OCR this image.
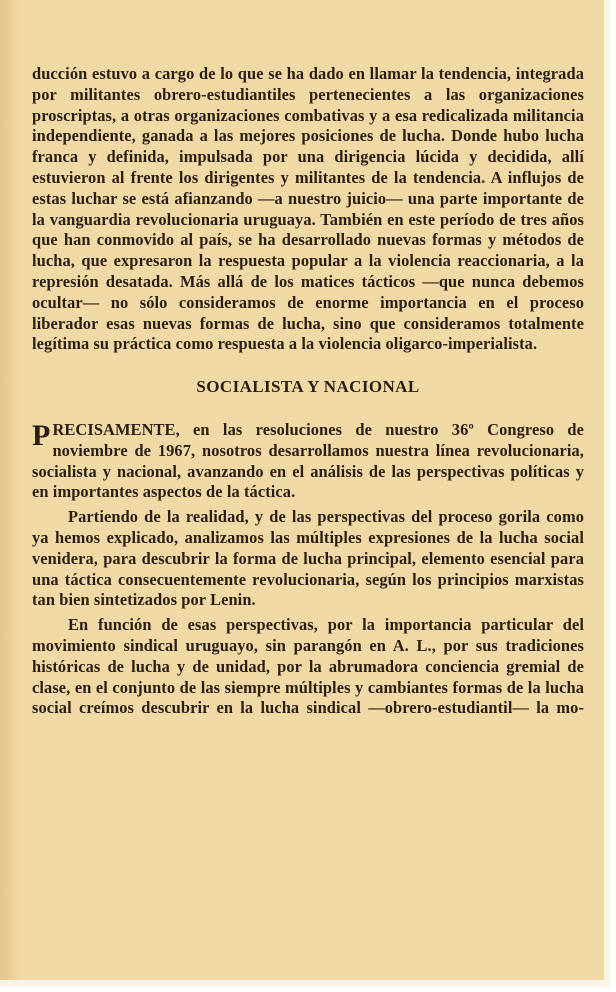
ducción estuvo a cargo de lo que se ha dado en llamar la tendencia, integrada por militantes obrero-estudiantiles pertenecientes a las organizaciones proscriptas, a otras organizaciones combativas y a esa redicalizada militancia independiente, ganada a las mejores posiciones de lucha. Donde hubo lucha franca y definida, impulsada por una dirigencia lúcida y decidida, allí estuvieron al frente los dirigentes y militantes de la tendencia. A influjos de estas luchar se está afianzando —a nuestro juicio— una parte importante de la vanguardia revolucionaria uruguaya. También en este período de tres años que han conmovido al país, se ha desarrollado nuevas formas y métodos de lucha, que expresaron la respuesta popular a la violencia reaccionaria, a la represión desatada. Más allá de los matices tácticos —que nunca debemos ocultar— no sólo consideramos de enorme importancia en el proceso liberador esas nuevas formas de lucha, sino que consideramos totalmente legítima su práctica como respuesta a la violencia oligarco-imperialista.

SOCIALISTA Y NACIONAL

PRECISAMENTE, en las resoluciones de nuestro 36º Congreso de noviembre de 1967, nosotros desarrollamos nuestra línea revolucionaria, socialista y nacional, avanzando en el análisis de las perspectivas políticas y en importantes aspectos de la táctica.

Partiendo de la realidad, y de las perspectivas del proceso gorila como ya hemos explicado, analizamos las múltiples expresiones de la lucha social venidera, para descubrir la forma de lucha principal, elemento esencial para una táctica consecuentemente revolucionaria, según los principios marxistas tan bien sintetizados por Lenin.

En función de esas perspectivas, por la importancia particular del movimiento sindical uruguayo, sin parangón en A. L., por sus tradiciones históricas de lucha y de unidad, por la abrumadora conciencia gremial de clase, en el conjunto de las siempre múltiples y cambiantes formas de la lucha social creímos descubrir en la lucha sindical —obrero-estudiantil— la mo-
